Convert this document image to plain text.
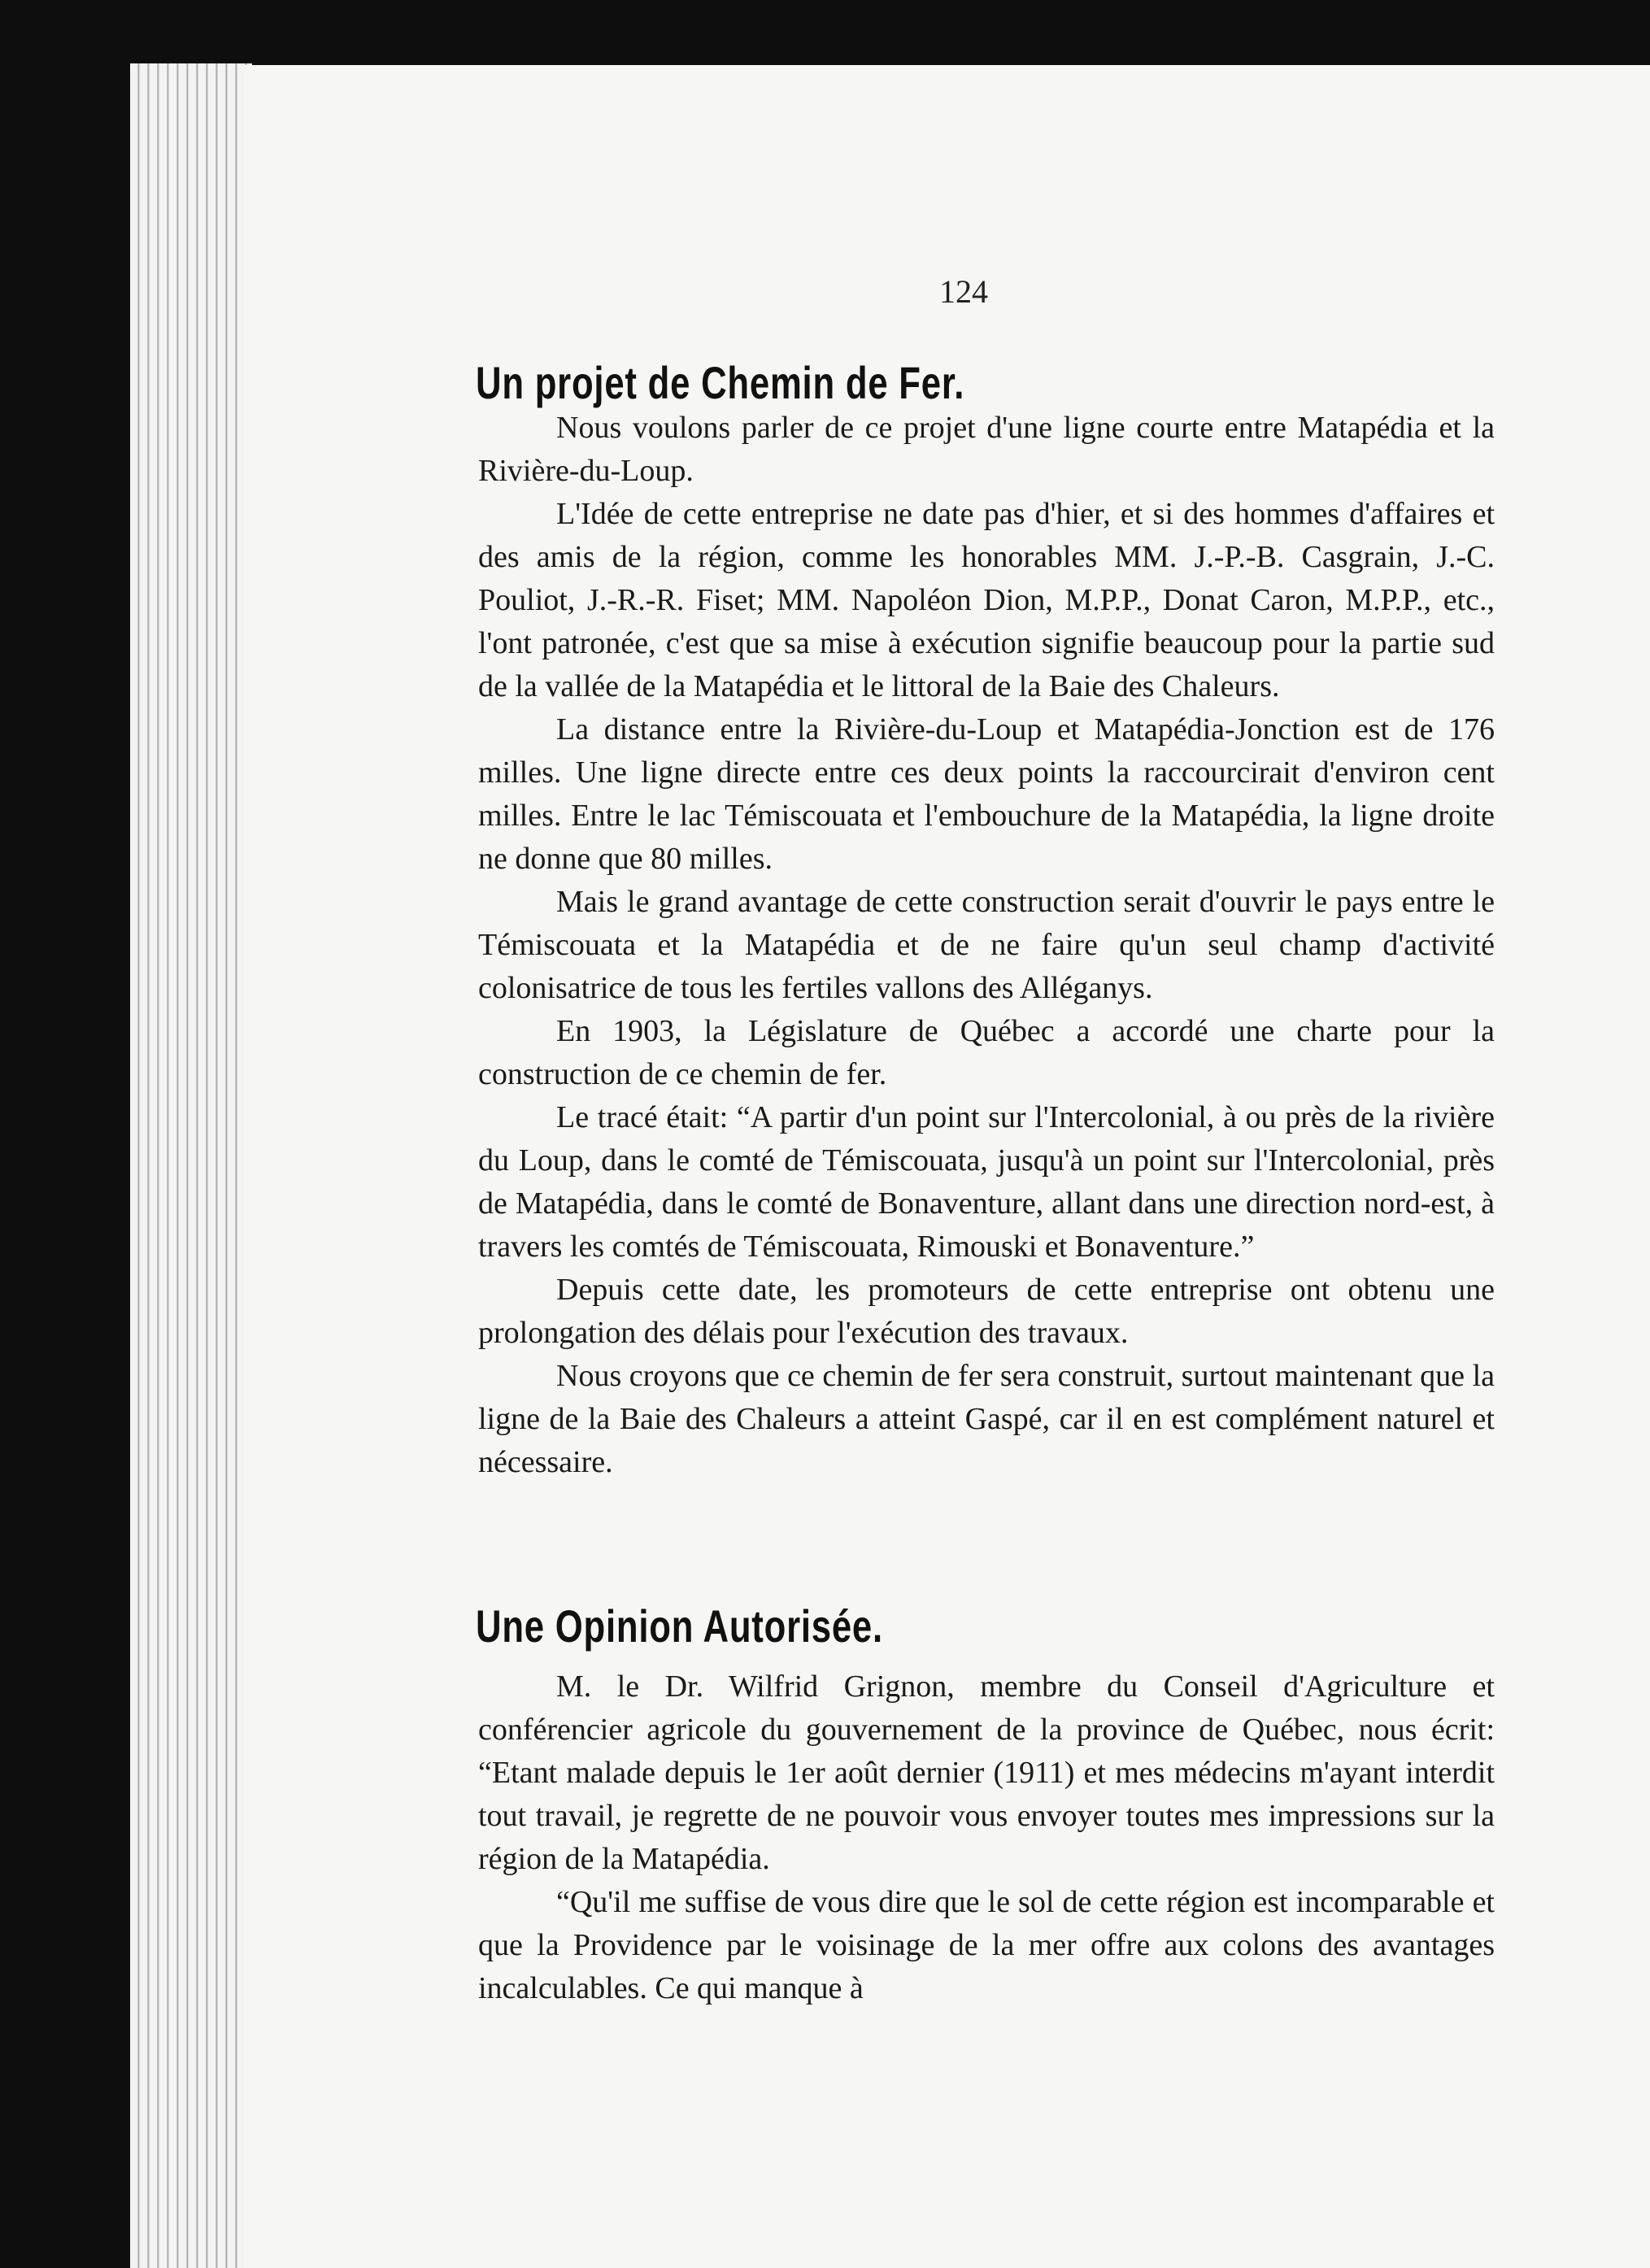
124
Un projet de Chemin de Fer.

Nous voulons parler de ce projet d'une ligne courte entre Matapédia et la Rivière-du-Loup.

L'Idée de cette entreprise ne date pas d'hier, et si des hommes d'affaires et des amis de la région, comme les honorables MM. J.-P.-B. Casgrain, J.-C. Pouliot, J.-R.-R. Fiset; MM. Napoléon Dion, M.P.P., Donat Caron, M.P.P., etc., l'ont patronée, c'est que sa mise à exécution signifie beaucoup pour la partie sud de la vallée de la Matapédia et le littoral de la Baie des Chaleurs.

La distance entre la Rivière-du-Loup et Matapédia-Jonction est de 176 milles. Une ligne directe entre ces deux points la raccourcirait d'environ cent milles. Entre le lac Témiscouata et l'embouchure de la Matapédia, la ligne droite ne donne que 80 milles.

Mais le grand avantage de cette construction serait d'ouvrir le pays entre le Témiscouata et la Matapédia et de ne faire qu'un seul champ d'activité colonisatrice de tous les fertiles vallons des Alléganys.

En 1903, la Législature de Québec a accordé une charte pour la construction de ce chemin de fer.

Le tracé était: “A partir d'un point sur l'Intercolonial, à ou près de la rivière du Loup, dans le comté de Témiscouata, jusqu'à un point sur l'Intercolonial, près de Matapédia, dans le comté de Bonaventure, allant dans une direction nord-est, à travers les comtés de Témiscouata, Rimouski et Bonaventure.”

Depuis cette date, les promoteurs de cette entreprise ont obtenu une prolongation des délais pour l'exécution des travaux.

Nous croyons que ce chemin de fer sera construit, surtout maintenant que la ligne de la Baie des Chaleurs a atteint Gaspé, car il en est complément naturel et nécessaire.

Une Opinion Autorisée.

M. le Dr. Wilfrid Grignon, membre du Conseil d'Agriculture et conférencier agricole du gouvernement de la province de Québec, nous écrit: “Etant malade depuis le 1er août dernier (1911) et mes médecins m'ayant interdit tout travail, je regrette de ne pouvoir vous envoyer toutes mes impressions sur la région de la Matapédia.

“Qu'il me suffise de vous dire que le sol de cette région est incomparable et que la Providence par le voisinage de la mer offre aux colons des avantages incalculables. Ce qui manque à
